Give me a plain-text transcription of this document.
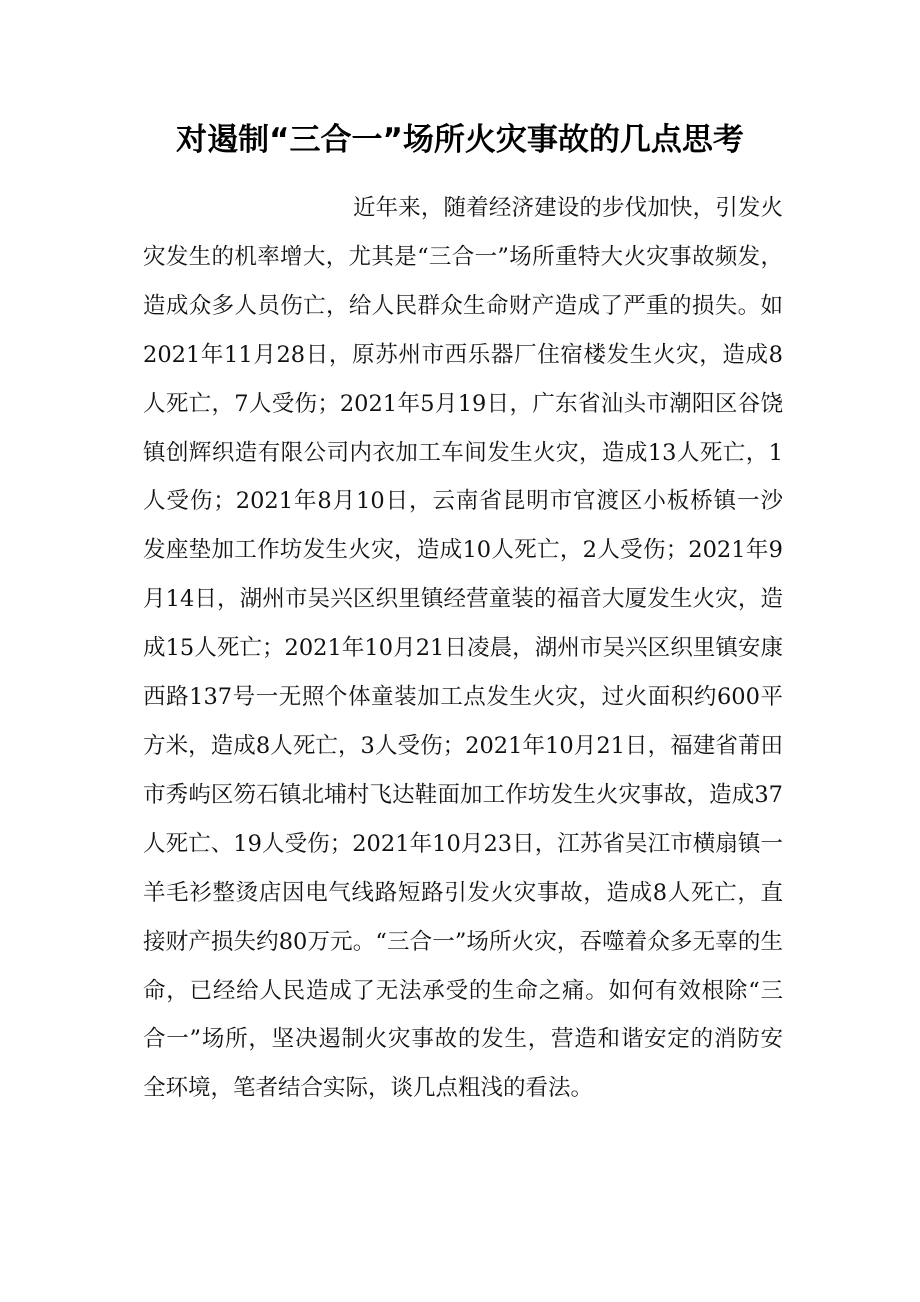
对遏制“三合一”场所火灾事故的几点思考

近年来，随着经济建设的步伐加快，引发火灾发生的机率增大，尤其是“三合一”场所重特大火灾事故频发，造成众多人员伤亡，给人民群众生命财产造成了严重的损失。如2021年11月28日，原苏州市西乐器厂住宿楼发生火灾，造成8人死亡，7人受伤；2021年5月19日，广东省汕头市潮阳区谷饶镇创辉织造有限公司内衣加工车间发生火灾，造成13人死亡，1人受伤；2021年8月10日，云南省昆明市官渡区小板桥镇一沙发座垫加工作坊发生火灾，造成10人死亡，2人受伤；2021年9月14日，湖州市吴兴区织里镇经营童装的福音大厦发生火灾，造成15人死亡；2021年10月21日凌晨，湖州市吴兴区织里镇安康西路137号一无照个体童装加工点发生火灾，过火面积约600平方米，造成8人死亡，3人受伤；2021年10月21日，福建省莆田市秀屿区笏石镇北埔村飞达鞋面加工作坊发生火灾事故，造成37人死亡、19人受伤；2021年10月23日，江苏省吴江市横扇镇一羊毛衫整烫店因电气线路短路引发火灾事故，造成8人死亡，直接财产损失约80万元。“三合一”场所火灾，吞噬着众多无辜的生命，已经给人民造成了无法承受的生命之痛。如何有效根除“三合一”场所，坚决遏制火灾事故的发生，营造和谐安定的消防安全环境，笔者结合实际，谈几点粗浅的看法。
